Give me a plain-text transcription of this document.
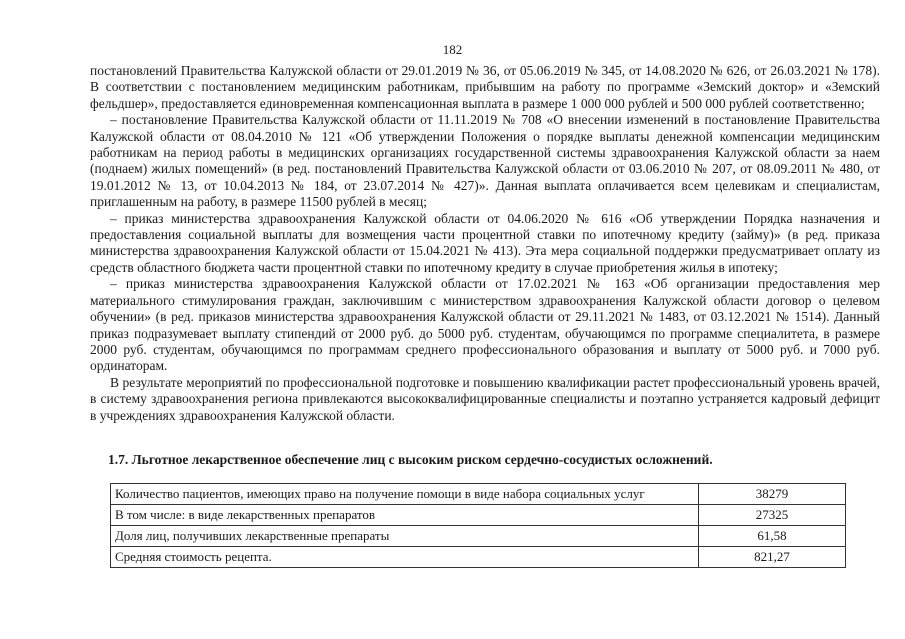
182

постановлений Правительства Калужской области от 29.01.2019 № 36, от 05.06.2019 № 345, от 14.08.2020 № 626, от 26.03.2021 № 178). В соответствии с постановлением медицинским работникам, прибывшим на работу по программе «Земский доктор» и «Земский фельдшер», предоставляется единовременная компенсационная выплата в размере 1 000 000 рублей и 500 000 рублей соответственно;

– постановление Правительства Калужской области от 11.11.2019 № 708 «О внесении изменений в постановление Правительства Калужской области от 08.04.2010 № 121 «Об утверждении Положения о порядке выплаты денежной компенсации медицинским работникам на период работы в медицинских организациях государственной системы здравоохранения Калужской области за наем (поднаем) жилых помещений» (в ред. постановлений Правительства Калужской области от 03.06.2010 № 207, от 08.09.2011 № 480, от 19.01.2012 № 13, от 10.04.2013 № 184, от 23.07.2014 № 427)». Данная выплата оплачивается всем целевикам и специалистам, приглашенным на работу, в размере 11500 рублей в месяц;

– приказ министерства здравоохранения Калужской области от 04.06.2020 № 616 «Об утверждении Порядка назначения и предоставления социальной выплаты для возмещения части процентной ставки по ипотечному кредиту (займу)» (в ред. приказа министерства здравоохранения Калужской области от 15.04.2021 № 413). Эта мера социальной поддержки предусматривает оплату из средств областного бюджета части процентной ставки по ипотечному кредиту в случае приобретения жилья в ипотеку;

– приказ министерства здравоохранения Калужской области от 17.02.2021 № 163 «Об организации предоставления мер материального стимулирования граждан, заключившим с министерством здравоохранения Калужской области договор о целевом обучении» (в ред. приказов министерства здравоохранения Калужской области от 29.11.2021 № 1483, от 03.12.2021 № 1514). Данный приказ подразумевает выплату стипендий от 2000 руб. до 5000 руб. студентам, обучающимся по программе специалитета, в размере 2000 руб. студентам, обучающимся по программам среднего профессионального образования и выплату от 5000 руб. и 7000 руб. ординаторам.

В результате мероприятий по профессиональной подготовке и повышению квалификации растет профессиональный уровень врачей, в систему здравоохранения региона привлекаются высококвалифицированные специалисты и поэтапно устраняется кадровый дефицит в учреждениях здравоохранения Калужской области.

1.7. Льготное лекарственное обеспечение лиц с высоким риском сердечно-сосудистых осложнений.
Количество пациентов, имеющих право на получение помощи в виде набора социальных услуг	38279
В том числе: в виде лекарственных препаратов	27325
Доля лиц, получивших лекарственные препараты	61,58
Средняя стоимость рецепта.	821,27
